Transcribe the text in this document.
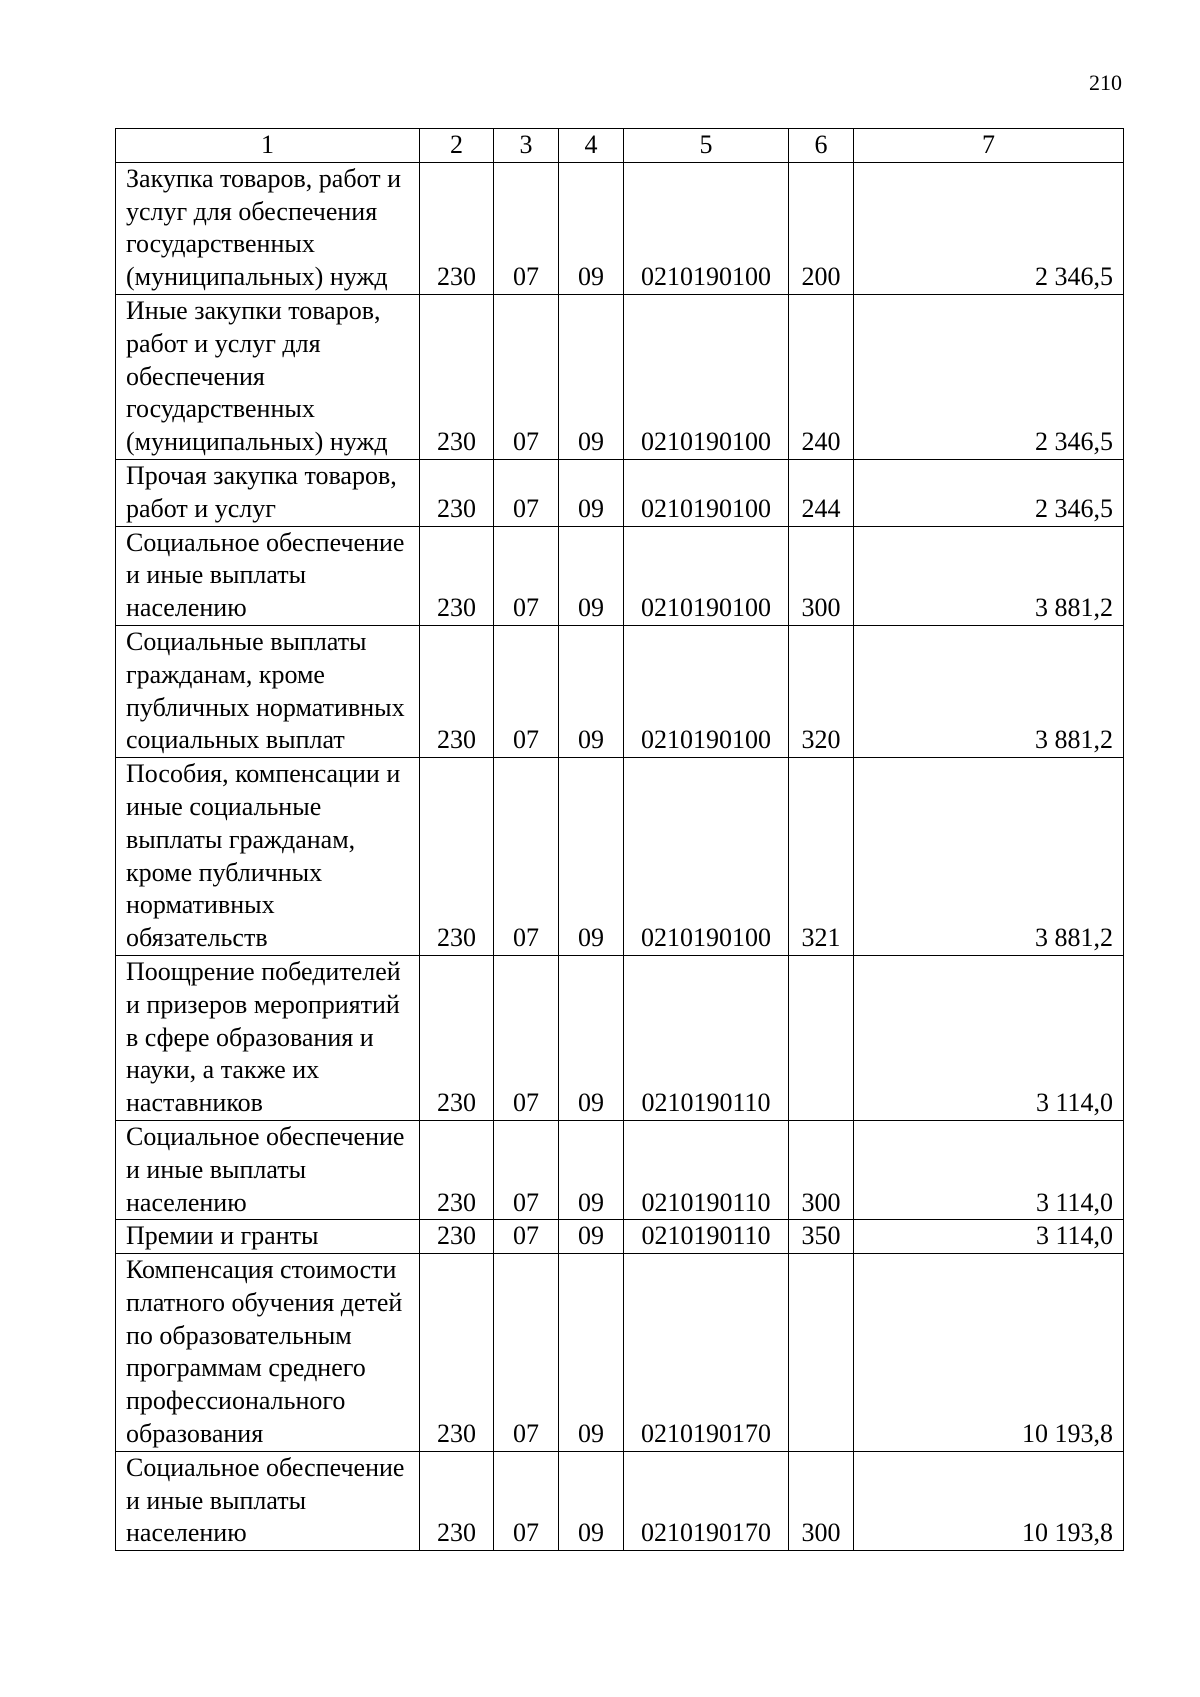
210
1	2	3	4	5	6	7
Закупка товаров, работ и услуг для обеспечения государственных (муниципальных) нужд	230	07	09	0210190100	200	2 346,5
Иные закупки товаров, работ и услуг для обеспечения государственных (муниципальных) нужд	230	07	09	0210190100	240	2 346,5
Прочая закупка товаров, работ и услуг	230	07	09	0210190100	244	2 346,5
Социальное обеспечение и иные выплаты населению	230	07	09	0210190100	300	3 881,2
Социальные выплаты гражданам, кроме публичных нормативных социальных выплат	230	07	09	0210190100	320	3 881,2
Пособия, компенсации и иные социальные выплаты гражданам, кроме публичных нормативных обязательств	230	07	09	0210190100	321	3 881,2
Поощрение победителей и призеров мероприятий в сфере образования и науки, а также их наставников	230	07	09	0210190110		3 114,0
Социальное обеспечение и иные выплаты населению	230	07	09	0210190110	300	3 114,0
Премии и гранты	230	07	09	0210190110	350	3 114,0
Компенсация стоимости платного обучения детей по образовательным программам среднего профессионального образования	230	07	09	0210190170		10 193,8
Социальное обеспечение и иные выплаты населению	230	07	09	0210190170	300	10 193,8
